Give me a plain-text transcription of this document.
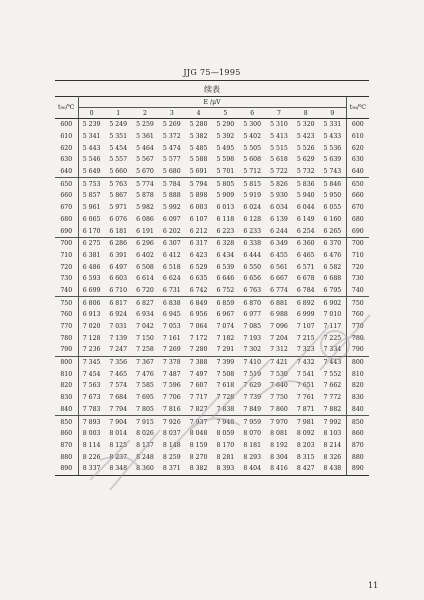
JJG 75—1995
续表
t₉₀/℃	E /μV										t₉₀/℃
	0	1	2	3	4	5	6	7	8	9	
600	5 239	5 249	5 259	5 269	5 280	5 290	5 300	5 310	5 320	5 331	600
610	5 341	5 351	5 361	5 372	5 382	5 392	5 402	5 413	5 423	5 433	610
620	5 443	5 454	5 464	5 474	5 485	5 495	5 505	5 515	5 526	5 536	620
630	5 546	5 557	5 567	5 577	5 588	5 598	5 608	5 618	5 629	5 639	630
640	5 649	5 660	5 670	5 680	5 691	5 701	5 712	5 722	5 732	5 743	640
650	5 753	5 763	5 774	5 784	5 794	5 805	5 815	5 826	5 836	5 846	650
660	5 857	5 867	5 878	5 888	5 898	5 909	5 919	5 930	5 940	5 950	660
670	5 961	5 971	5 982	5 992	6 003	6 013	6 024	6 034	6 044	6 055	670
680	6 065	6 076	6 086	6 097	6 107	6 118	6 128	6 139	6 149	6 160	680
690	6 170	6 181	6 191	6 202	6 212	6 223	6 233	6 244	6 254	6 265	690
700	6 275	6 286	6 296	6 307	6 317	6 328	6 338	6 349	6 360	6 370	700
710	6 381	6 391	6 402	6 412	6 423	6 434	6 444	6 455	6 465	6 476	710
720	6 486	6 497	6 508	6 518	6 529	6 539	6 550	6 561	6 571	6 582	720
730	6 593	6 603	6 614	6 624	6 635	6 646	6 656	6 667	6 678	6 688	730
740	6 699	6 710	6 720	6 731	6 742	6 752	6 763	6 774	6 784	6 795	740
750	6 806	6 817	6 827	6 838	6 849	6 859	6 870	6 881	6 892	6 902	750
760	6 913	6 924	6 934	6 945	6 956	6 967	6 977	6 988	6 999	7 010	760
770	7 020	7 031	7 042	7 053	7 064	7 074	7 085	7 096	7 107	7 117	770
780	7 128	7 139	7 150	7 161	7 172	7 182	7 193	7 204	7 215	7 225	780
790	7 236	7 247	7 258	7 269	7 280	7 291	7 302	7 312	7 323	7 334	790
800	7 345	7 356	7 367	7 378	7 388	7 399	7 410	7 421	7 432	7 443	800
810	7 454	7 465	7 476	7 487	7 497	7 508	7 519	7 530	7 541	7 552	810
820	7 563	7 574	7 585	7 596	7 607	7 618	7 629	7 640	7 651	7 662	820
830	7 673	7 684	7 695	7 706	7 717	7 728	7 739	7 750	7 761	7 772	830
840	7 783	7 794	7 805	7 816	7 827	7 838	7 849	7 860	7 871	7 882	840
850	7 893	7 904	7 915	7 926	7 937	7 948	7 959	7 970	7 981	7 992	850
860	8 003	8 014	8 026	8 037	8 048	8 059	8 070	8 081	8 092	8 103	860
870	8 114	8 125	8 137	8 148	8 159	8 170	8 181	8 192	8 203	8 214	870
880	8 226	8 237	8 248	8 259	8 270	8 281	8 293	8 304	8 315	8 326	880
890	8 337	8 348	8 360	8 371	8 382	8 393	8 404	8 416	8 427	8 438	890
11
